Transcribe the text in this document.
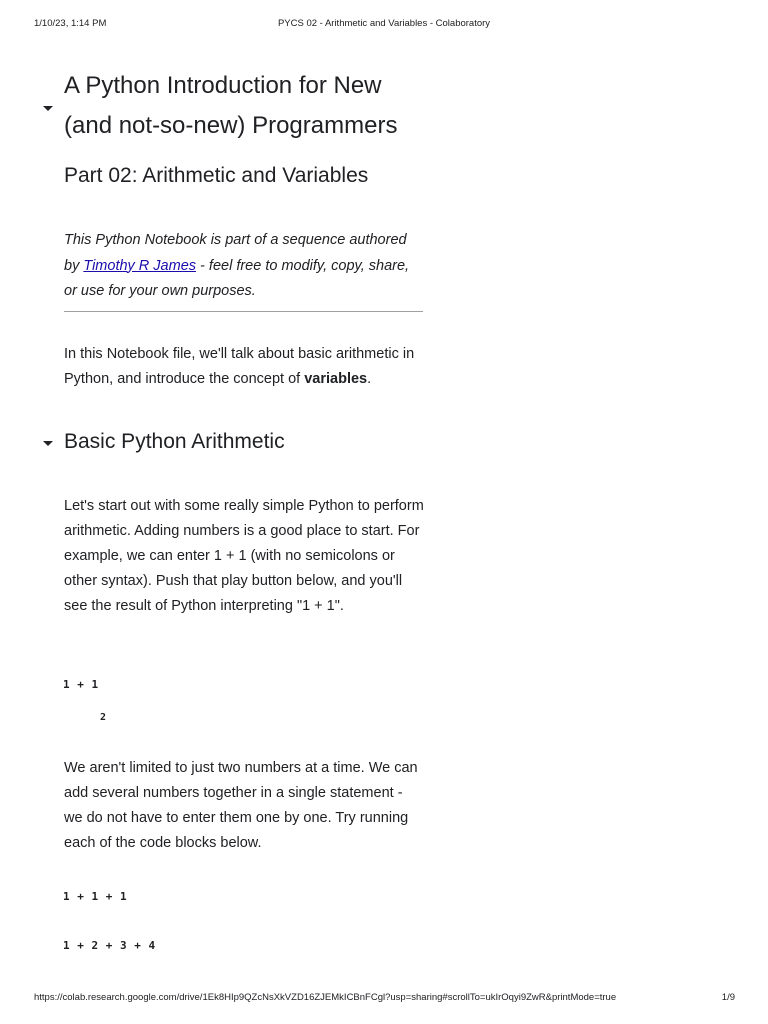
1/10/23, 1:14 PM	PYCS 02 - Arithmetic and Variables - Colaboratory
A Python Introduction for New
(and not-so-new) Programmers
Part 02: Arithmetic and Variables
This Python Notebook is part of a sequence authored
by Timothy R James - feel free to modify, copy, share,
or use for your own purposes.
In this Notebook file, we'll talk about basic arithmetic in Python, and introduce the concept of variables.
Basic Python Arithmetic
Let's start out with some really simple Python to perform arithmetic. Adding numbers is a good place to start. For example, we can enter 1 + 1 (with no semicolons or other syntax). Push that play button below, and you'll see the result of Python interpreting "1 + 1".
1 + 1
2
We aren't limited to just two numbers at a time. We can add several numbers together in a single statement - we do not have to enter them one by one. Try running each of the code blocks below.
1 + 1 + 1
1 + 2 + 3 + 4
https://colab.research.google.com/drive/1Ek8HIp9QZcNsXkVZD16ZJEMkICBnFCgl?usp=sharing#scrollTo=ukIrOqyi9ZwR&printMode=true	1/9
